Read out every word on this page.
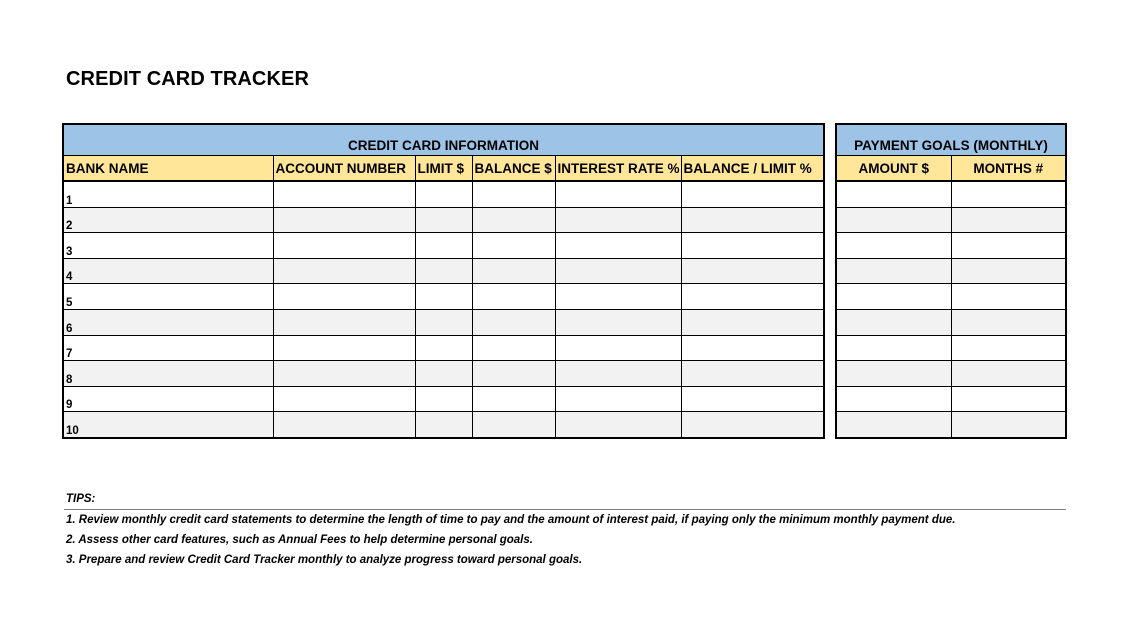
CREDIT CARD TRACKER
CREDIT CARD INFORMATION					
BANK NAME	ACCOUNT NUMBER	LIMIT $	BALANCE $	INTEREST RATE %	BALANCE / LIMIT %
1					
2					
3					
4					
5					
6					
7					
8					
9					
10					
PAYMENT GOALS (MONTHLY)	
AMOUNT $	MONTHS #

TIPS:
1. Review monthly credit card statements to determine the length of time to pay and the amount of interest paid, if paying only the minimum monthly payment due.
2. Assess other card features, such as Annual Fees to help determine personal goals.
3. Prepare and review Credit Card Tracker monthly to analyze progress toward personal goals.
